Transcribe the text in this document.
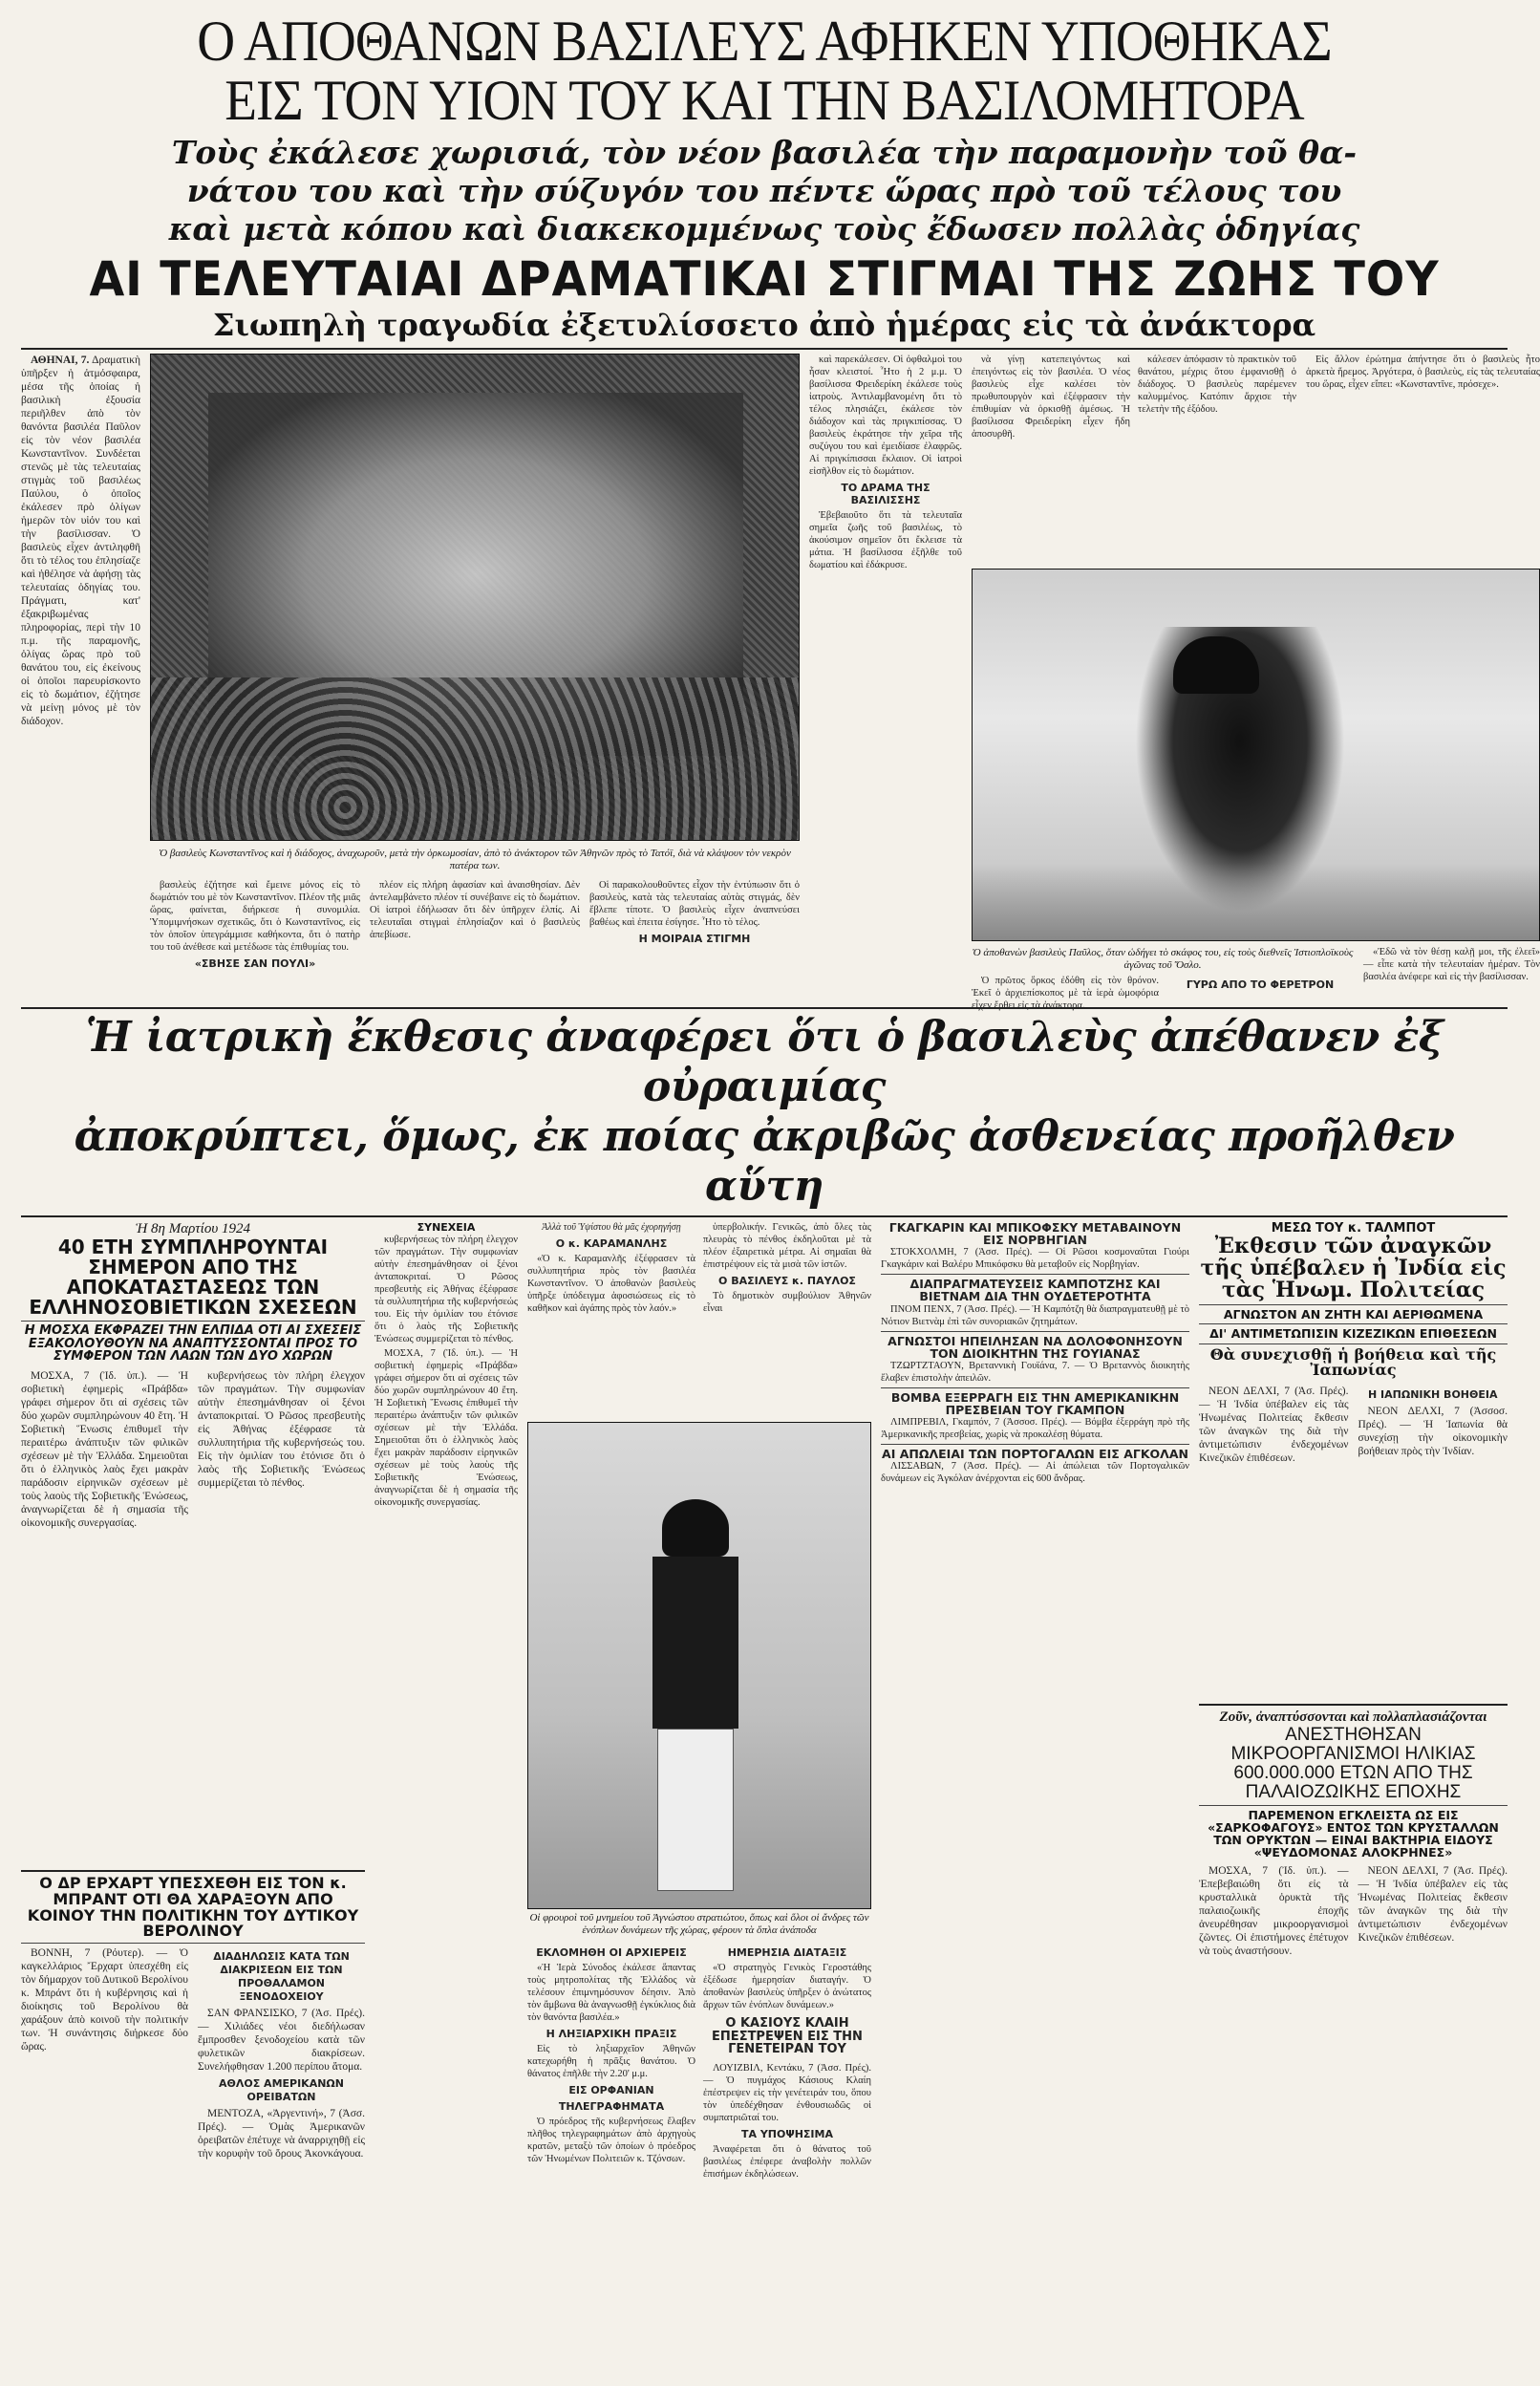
Ο ΑΠΟΘΑΝΩΝ ΒΑΣΙΛΕΥΣ ΑΦΗΚΕΝ ΥΠΟΘΗΚΑΣ
ΕΙΣ ΤΟΝ ΥΙΟΝ ΤΟΥ ΚΑΙ ΤΗΝ ΒΑΣΙΛΟΜΗΤΟΡΑ
Τοὺς ἐκάλεσε χωρισιά, τὸν νέον βασιλέα τὴν παραμονὴν τοῦ θα-
νάτου του καὶ τὴν σύζυγόν του πέντε ὥρας πρὸ τοῦ τέλους του
καὶ μετὰ κόπου καὶ διακεκομμένως τοὺς ἔδωσεν πολλὰς ὁδηγίας
ΑΙ ΤΕΛΕΥΤΑΙΑΙ ΔΡΑΜΑΤΙΚΑΙ ΣΤΙΓΜΑΙ ΤΗΣ ΖΩΗΣ ΤΟΥ
Σιωπηλὴ τραγωδία ἐξετυλίσσετο ἀπὸ ἡμέρας εἰς τὰ ἀνάκτορα

ΑΘΗΝΑΙ, 7. Δραματικὴ ὑπῆρξεν ἡ ἀτμόσφαιρα, μέσα τῆς ὁποίας ἡ βασιλικὴ ἐξουσία περιῆλθεν ἀπὸ τὸν θανόντα βασιλέα Παῦλον εἰς τὸν νέον βασιλέα Κωνσταντῖνον. Συνδέεται στενῶς μὲ τὰς τελευταίας στιγμὰς τοῦ βασιλέως Παύλου, ὁ ὁποῖος ἐκάλεσεν πρὸ ὀλίγων ἡμερῶν τὸν υἱόν του καὶ τὴν βασίλισσαν. Ὁ βασιλεὺς εἶχεν ἀντιληφθῆ ὅτι τὸ τέλος του ἐπλησίαζε καὶ ἠθέλησε νὰ ἀφήσῃ τὰς τελευταίας ὁδηγίας του. Πράγματι, κατ' ἐξακριβωμένας πληροφορίας, περὶ τὴν 10 π.μ. τῆς παραμονῆς, ὀλίγας ὥρας πρὸ τοῦ θανάτου του, εἰς ἐκείνους οἱ ὁποῖοι παρευρίσκοντο εἰς τὸ δωμάτιον, ἐζήτησε νὰ μείνῃ μόνος μὲ τὸν διάδοχον.

Ὁ βασιλεὺς Κωνσταντῖνος καὶ ἡ διάδοχος, ἀναχωροῦν, μετὰ τὴν ὁρκωμοσίαν, ἀπὸ τὸ ἀνάκτορον τῶν Ἀθηνῶν πρὸς τὸ Τατόϊ, διὰ νὰ κλάψουν τὸν νεκρὸν πατέρα των.

βασιλεὺς ἐζήτησε καὶ ἔμεινε μόνος εἰς τὸ δωμάτιόν του μὲ τὸν Κωνσταντῖνον. Πλέον τῆς μιᾶς ὥρας, φαίνεται, διήρκεσε ἡ συνομιλία. Ὑπομιμνήσκων σχετικῶς, ὅτι ὁ Κωνσταντῖνος, εἰς τὸν ὁποῖον ὑπεγράμμισε καθήκοντα, ὅτι ὁ πατὴρ του τοῦ ἀνέθεσε καὶ μετέδωσε τὰς ἐπιθυμίας του.

«ΣΒΗΣΕ ΣΑΝ ΠΟΥΛΙ»

πλέον εἰς πλήρη ἀφασίαν καὶ ἀναισθησίαν. Δὲν ἀντελαμβάνετο πλέον τί συνέβαινε εἰς τὸ δωμάτιον. Οἱ ἰατροὶ ἐδήλωσαν ὅτι δὲν ὑπῆρχεν ἐλπίς. Αἱ τελευταῖαι στιγμαὶ ἐπλησίαζον καὶ ὁ βασιλεὺς ἀπεβίωσε.

Οἱ παρακολουθοῦντες εἶχον τὴν ἐντύπωσιν ὅτι ὁ βασιλεὺς, κατὰ τὰς τελευταίας αὐτὰς στιγμάς, δὲν ἔβλεπε τίποτε. Ὁ βασιλεὺς εἶχεν ἀναπνεύσει βαθέως καὶ ἐπειτα ἐσίγησε. Ἦτο τὸ τέλος.

Η ΜΟΙΡΑΙΑ ΣΤΙΓΜΗ

καὶ παρεκάλεσεν. Οἱ ὀφθαλμοὶ του ἦσαν κλειστοί. Ἦτο ἡ 2 μ.μ. Ὁ βασίλισσα Φρειδερίκη ἐκάλεσε τοὺς ἰατροὺς. Ἀντιλαμβανομένη ὅτι τὸ τέλος πλησιάζει, ἐκάλεσε τὸν διάδοχον καὶ τὰς πριγκιπίσσας. Ὁ βασιλεὺς ἐκράτησε τὴν χεῖρα τῆς συζύγου του καὶ ἐμειδίασε ἐλαφρῶς. Αἱ πριγκίπισσαι ἔκλαιον. Οἱ ἰατροὶ εἰσῆλθον εἰς τὸ δωμάτιον.

ΤΟ ΔΡΑΜΑ ΤΗΣ ΒΑΣΙΛΙΣΣΗΣ

Ἐβεβαιοῦτο ὅτι τὰ τελευταῖα σημεῖα ζωῆς τοῦ βασιλέως, τὸ ἀκούσιμον σημεῖον ὅτι ἔκλεισε τὰ μάτια. Ἡ βασίλισσα ἐξῆλθε τοῦ δωματίου καὶ ἐδάκρυσε.

νὰ γίνῃ κατεπειγόντως καὶ ἐπειγόντως εἰς τὸν βασιλέα. Ὁ νέος βασιλεὺς εἶχε καλέσει τὸν πρωθυπουργὸν καὶ ἐξέφρασεν τὴν ἐπιθυμίαν νὰ ὁρκισθῇ ἀμέσως. Ἡ βασίλισσα Φρειδερίκη εἶχεν ἤδη ἀποσυρθῆ.

κάλεσεν ἀπόφασιν τὸ πρακτικὸν τοῦ θανάτου, μέχρις ὅτου ἐμφανισθῇ ὁ διάδοχος. Ὁ βασιλεὺς παρέμενεν καλυμμένος. Κατόπιν ἄρχισε τὴν τελετὴν τῆς ἐξόδου.

Εἰς ἄλλον ἐρώτημα ἀπήντησε ὅτι ὁ βασιλεὺς ἦτο ἀρκετὰ ἥρεμος. Ἀργότερα, ὁ βασιλεὺς, εἰς τὰς τελευταίας του ὥρας, εἶχεν εἴπει: «Κωνσταντῖνε, πρόσεχε».

Ὁ ἀποθανὼν βασιλεὺς Παῦλος, ὅταν ὡδήγει τὸ σκάφος του, εἰς τοὺς διεθνεῖς Ἰστιοπλοϊκοὺς ἀγῶνας τοῦ Ὄσλο.

Ὁ πρῶτος ὅρκος ἐδόθη εἰς τὸν θρόνον. Ἐκεῖ ὁ ἀρχιεπίσκοπος μὲ τὰ ἱερὰ ὡμοφόρια εἶχεν ἔρθει εἰς τὰ ἀνάκτορα.

ΓΥΡΩ ΑΠΟ ΤΟ ΦΕΡΕΤΡΟΝ

«Ἐδῶ νὰ τὸν θέσῃ καλῇ μοι, τῆς ἐλεεῖ» — εἶπε κατὰ τὴν τελευταίαν ἡμέραν. Τὸν βασιλέα ἀνέφερε καὶ εἰς τὴν βασίλισσαν.

Ἡ ἰατρικὴ ἔκθεσις ἀναφέρει ὅτι ὁ βασιλεὺς ἀπέθανεν ἐξ οὐραιμίας
ἀποκρύπτει, ὅμως, ἐκ ποίας ἀκριβῶς ἀσθενείας προῆλθεν αὕτη
Ἡ 8η Μαρτίου 1924
40 ΕΤΗ ΣΥΜΠΛΗΡΟΥΝΤΑΙ ΣΗΜΕΡΟΝ ΑΠΟ ΤΗΣ ΑΠΟΚΑΤΑΣΤΑΣΕΩΣ ΤΩΝ ΕΛΛΗΝΟΣΟΒΙΕΤΙΚΩΝ ΣΧΕΣΕΩΝ
Η ΜΟΣΧΑ ΕΚΦΡΑΖΕΙ ΤΗΝ ΕΛΠΙΔΑ ΟΤΙ ΑΙ ΣΧΕΣΕΙΣ ΕΞΑΚΟΛΟΥΘΟΥΝ ΝΑ ΑΝΑΠΤΥΣΣΟΝΤΑΙ ΠΡΟΣ ΤΟ ΣΥΜΦΕΡΟΝ ΤΩΝ ΛΑΩΝ ΤΩΝ ΔΥΟ ΧΩΡΩΝ

ΜΟΣΧΑ, 7 (Ἰδ. ὑπ.). — Ἡ σοβιετικὴ ἐφημερὶς «Πράβδα» γράφει σήμερον ὅτι αἱ σχέσεις τῶν δύο χωρῶν συμπληρώνουν 40 ἔτη. Ἡ Σοβιετικὴ Ἕνωσις ἐπιθυμεῖ τὴν περαιτέρω ἀνάπτυξιν τῶν φιλικῶν σχέσεων μὲ τὴν Ἑλλάδα. Σημειοῦται ὅτι ὁ ἑλληνικὸς λαὸς ἔχει μακρὰν παράδοσιν εἰρηνικῶν σχέσεων μὲ τοὺς λαοὺς τῆς Σοβιετικῆς Ἑνώσεως, ἀναγνωρίζεται δὲ ἡ σημασία τῆς οἰκονομικῆς συνεργασίας.

κυβερνήσεως τὸν πλήρη ἐλεγχον τῶν πραγμάτων. Τὴν συμφωνίαν αὐτὴν ἐπεσημάνθησαν οἱ ξένοι ἀνταποκριταί. Ὁ Ρῶσος πρεσβευτὴς εἰς Ἀθήνας ἐξέφρασε τὰ συλλυπητήρια τῆς κυβερνήσεώς του. Εἰς τὴν ὁμιλίαν του ἐτόνισε ὅτι ὁ λαὸς τῆς Σοβιετικῆς Ἑνώσεως συμμερίζεται τὸ πένθος.

Ο ΔΡ ΕΡΧΑΡΤ ΥΠΕΣΧΕΘΗ ΕΙΣ ΤΟΝ κ. ΜΠΡΑΝΤ ΟΤΙ ΘΑ ΧΑΡΑΞΟΥΝ ΑΠΟ ΚΟΙΝΟΥ ΤΗΝ ΠΟΛΙΤΙΚΗΝ ΤΟΥ ΔΥΤΙΚΟΥ ΒΕΡΟΛΙΝΟΥ

ΒΟΝΝΗ, 7 (Ρόυτερ). — Ὁ καγκελλάριος Ἔρχαρτ ὑπεσχέθη εἰς τὸν δήμαρχον τοῦ Δυτικοῦ Βερολίνου κ. Μπράντ ὅτι ἡ κυβέρνησις καὶ ἡ διοίκησις τοῦ Βερολίνου θὰ χαράξουν ἀπὸ κοινοῦ τὴν πολιτικήν των. Ἡ συνάντησις διήρκεσε δύο ὥρας.

ΔΙΑΔΗΛΩΣΙΣ ΚΑΤΑ ΤΩΝ ΔΙΑΚΡΙΣΕΩΝ ΕΙΣ ΤΩΝ ΠΡΟΘΑΛΑΜΟΝ ΞΕΝΟΔΟΧΕΙΟΥ

ΣΑΝ ΦΡΑΝΣΙΣΚΟ, 7 (Ἀσ. Πρές). — Χιλιάδες νέοι διεδήλωσαν ἔμπροσθεν ξενοδοχείου κατὰ τῶν φυλετικῶν διακρίσεων. Συνελήφθησαν 1.200 περίπου ἄτομα.

ΑΘΛΟΣ ΑΜΕΡΙΚΑΝΩΝ ΟΡΕΙΒΑΤΩΝ

ΜΕΝΤΟΖΑ, «Ἀργεντινή», 7 (Ἀσσ. Πρές). — Ὁμὰς Ἀμερικανῶν ὀρειβατῶν ἐπέτυχε νὰ ἀναρριχηθῇ εἰς τὴν κορυφὴν τοῦ ὄρους Ἀκονκάγουα.

ΣΥΝΕΧΕΙΑ

κυβερνήσεως τὸν πλήρη ἐλεγχον τῶν πραγμάτων. Τὴν συμφωνίαν αὐτὴν ἐπεσημάνθησαν οἱ ξένοι ἀνταποκριταί. Ὁ Ρῶσος πρεσβευτὴς εἰς Ἀθήνας ἐξέφρασε τὰ συλλυπητήρια τῆς κυβερνήσεώς του. Εἰς τὴν ὁμιλίαν του ἐτόνισε ὅτι ὁ λαὸς τῆς Σοβιετικῆς Ἑνώσεως συμμερίζεται τὸ πένθος.

ΜΟΣΧΑ, 7 (Ἰδ. ὑπ.). — Ἡ σοβιετικὴ ἐφημερὶς «Πράβδα» γράφει σήμερον ὅτι αἱ σχέσεις τῶν δύο χωρῶν συμπληρώνουν 40 ἔτη. Ἡ Σοβιετικὴ Ἕνωσις ἐπιθυμεῖ τὴν περαιτέρω ἀνάπτυξιν τῶν φιλικῶν σχέσεων μὲ τὴν Ἑλλάδα. Σημειοῦται ὅτι ὁ ἑλληνικὸς λαὸς ἔχει μακρὰν παράδοσιν εἰρηνικῶν σχέσεων μὲ τοὺς λαοὺς τῆς Σοβιετικῆς Ἑνώσεως, ἀναγνωρίζεται δὲ ἡ σημασία τῆς οἰκονομικῆς συνεργασίας.

Ἀλλὰ τοῦ Ὑψίστου θὰ μᾶς ἐχορηγήσῃ
Ο κ. ΚΑΡΑΜΑΝΛΗΣ

«Ὁ κ. Καραμανλῆς ἐξέφρασεν τὰ συλλυπητήρια πρὸς τὸν βασιλέα Κωνσταντῖνον. Ὁ ἀποθανὼν βασιλεὺς ὑπῆρξε ὑπόδειγμα ἀφοσιώσεως εἰς τὸ καθῆκον καὶ ἀγάπης πρὸς τὸν λαόν.»

ὑπερβολικήν. Γενικῶς, ἀπὸ ὅλες τὰς πλευρὰς τὸ πένθος ἐκδηλοῦται μὲ τὰ πλέον ἐξαιρετικὰ μέτρα. Αἱ σημαῖαι θὰ ἐπιστρέψουν εἰς τὰ μισὰ τῶν ἱστῶν.

Ο ΒΑΣΙΛΕΥΣ κ. ΠΑΥΛΟΣ

Τὸ δημοτικὸν συμβούλιον Ἀθηνῶν εἶναι

Οἱ φρουροὶ τοῦ μνημείου τοῦ Ἀγνώστου στρατιώτου, ὅπως καὶ ὅλοι οἱ ἄνδρες τῶν ἐνόπλων δυνάμεων τῆς χώρας, φέρουν τὰ ὅπλα ἀνάποδα
ΕΚΛΟΜΗΘΗ ΟΙ ΑΡΧΙΕΡΕΙΣ

«Ἡ Ἱερὰ Σύνοδος ἐκάλεσε ἅπαντας τοὺς μητροπολίτας τῆς Ἑλλάδος νὰ τελέσουν ἐπιμνημόσυνον δέησιν. Ἀπὸ τὸν ἄμβωνα θὰ ἀναγνωσθῇ ἐγκύκλιος διὰ τὸν θανόντα βασιλέα.»

Η ΛΗΞΙΑΡΧΙΚΗ ΠΡΑΞΙΣ

Εἰς τὸ ληξιαρχεῖον Ἀθηνῶν κατεχωρήθη ἡ πρᾶξις θανάτου. Ὁ θάνατος ἐπῆλθε τὴν 2.20' μ.μ.

ΕΙΣ ΟΡΦΑΝΙΑΝ
ΤΗΛΕΓΡΑΦΗΜΑΤΑ

Ὁ πρόεδρος τῆς κυβερνήσεως ἔλαβεν πλῆθος τηλεγραφημάτων ἀπὸ ἀρχηγοὺς κρατῶν, μεταξὺ τῶν ὁποίων ὁ πρόεδρος τῶν Ἡνωμένων Πολιτειῶν κ. Τζόνσων.

ΗΜΕΡΗΣΙΑ ΔΙΑΤΑΞΙΣ

«Ὁ στρατηγὸς Γενικὸς Γεροστάθης ἐξέδωσε ἡμερησίαν διαταγήν. Ὁ ἀποθανὼν βασιλεὺς ὑπῆρξεν ὁ ἀνώτατος ἄρχων τῶν ἐνόπλων δυνάμεων.»

Ο ΚΑΣΙΟΥΣ ΚΛΑΙΗ ΕΠΕΣΤΡΕΨΕΝ ΕΙΣ ΤΗΝ ΓΕΝΕΤΕΙΡΑΝ ΤΟΥ

ΛΟΥΙΖΒΙΛ, Κεντάκυ, 7 (Ἀσσ. Πρές). — Ὁ πυγμάχος Κάσιους Κλαίη ἐπέστρεψεν εἰς τὴν γενέτειράν του, ὅπου τὸν ὑπεδέχθησαν ἐνθουσιωδῶς οἱ συμπατριῶταί του.

ΤΑ ΥΠΟΨΗΣΙΜΑ

Ἀναφέρεται ὅτι ὁ θάνατος τοῦ βασιλέως ἐπέφερε ἀναβολὴν πολλῶν ἐπισήμων ἐκδηλώσεων.

ΓΚΑΓΚΑΡΙΝ ΚΑΙ ΜΠΙΚΟΦΣΚΥ ΜΕΤΑΒΑΙΝΟΥΝ ΕΙΣ ΝΟΡΒΗΓΙΑΝ

ΣΤΟΚΧΟΛΜΗ, 7 (Ἀσσ. Πρές). — Οἱ Ρῶσοι κοσμοναῦται Γιούρι Γκαγκάριν καὶ Βαλέρυ Μπικόφσκυ θὰ μεταβοῦν εἰς Νορβηγίαν.

ΔΙΑΠΡΑΓΜΑΤΕΥΣΕΙΣ ΚΑΜΠΟΤΖΗΣ ΚΑΙ ΒΙΕΤΝΑΜ ΔΙΑ ΤΗΝ ΟΥΔΕΤΕΡΟΤΗΤΑ

ΠΝΟΜ ΠΕΝΧ, 7 (Ἀσσ. Πρές). — Ἡ Καμπότζη θὰ διαπραγματευθῇ μὲ τὸ Νότιον Βιετνὰμ ἐπὶ τῶν συνοριακῶν ζητημάτων.

ΑΓΝΩΣΤΟΙ ΗΠΕΙΛΗΣΑΝ ΝΑ ΔΟΛΟΦΟΝΗΣΟΥΝ ΤΟΝ ΔΙΟΙΚΗΤΗΝ ΤΗΣ ΓΟΥΙΑΝΑΣ

ΤΖΩΡΤΖΤΑΟΥΝ, Βρεταννικὴ Γουϊάνα, 7. — Ὁ Βρεταννὸς διοικητὴς ἔλαβεν ἐπιστολὴν ἀπειλῶν.

ΒΟΜΒΑ ΕΞΕΡΡΑΓΗ ΕΙΣ ΤΗΝ ΑΜΕΡΙΚΑΝΙΚΗΝ ΠΡΕΣΒΕΙΑΝ ΤΟΥ ΓΚΑΜΠΟΝ

ΛΙΜΠΡΕΒΙΛ, Γκαμπόν, 7 (Ἀσσοσ. Πρές). — Βόμβα ἐξερράγη πρὸ τῆς Ἀμερικανικῆς πρεσβείας, χωρὶς νὰ προκαλέσῃ θύματα.

ΑΙ ΑΠΩΛΕΙΑΙ ΤΩΝ ΠΟΡΤΟΓΑΛΩΝ ΕΙΣ ΑΓΚΟΛΑΝ

ΛΙΣΣΑΒΩΝ, 7 (Ἀσσ. Πρές). — Αἱ ἀπώλειαι τῶν Πορτογαλικῶν δυνάμεων εἰς Ἀγκόλαν ἀνέρχονται εἰς 600 ἄνδρας.

ΜΕΣΩ ΤΟΥ κ. ΤΑΛΜΠΟΤ
Ἐκθεσιν τῶν ἀναγκῶν τῆς ὑπέβαλεν ἡ Ἰνδία εἰς τὰς Ἡνωμ. Πολιτείας
ΑΓΝΩΣΤΟΝ ΑΝ ΖΗΤΗ ΚΑΙ ΑΕΡΙΘΩΜΕΝΑ
ΔΙ' ΑΝΤΙΜΕΤΩΠΙΣΙΝ ΚΙΖΕΖΙΚΩΝ ΕΠΙΘΕΣΕΩΝ
Θὰ συνεχισθῇ ἡ βοήθεια καὶ τῆς Ἰαπωνίας

ΝΕΟΝ ΔΕΛΧΙ, 7 (Ἀσ. Πρές). — Ἡ Ἰνδία ὑπέβαλεν εἰς τὰς Ἡνωμένας Πολιτείας ἔκθεσιν τῶν ἀναγκῶν της διὰ τὴν ἀντιμετώπισιν ἐνδεχομένων Κινεζικῶν ἐπιθέσεων.

Η ΙΑΠΩΝΙΚΗ ΒΟΗΘΕΙΑ

ΝΕΟΝ ΔΕΛΧΙ, 7 (Ἀσσοσ. Πρές). — Ἡ Ἰαπωνία θὰ συνεχίσῃ τὴν οἰκονομικὴν βοήθειαν πρὸς τὴν Ἰνδίαν.

Ζοῦν, ἀναπτύσσονται καὶ πολλαπλασιάζονται
ΑΝΕΣΤΗΘΗΣΑΝ ΜΙΚΡΟΟΡΓΑΝΙΣΜΟΙ ΗΛΙΚΙΑΣ 600.000.000 ΕΤΩΝ ΑΠΟ ΤΗΣ ΠΑΛΑΙΟΖΩΙΚΗΣ ΕΠΟΧΗΣ
ΠΑΡΕΜΕΝΟΝ ΕΓΚΛΕΙΣΤΑ ΩΣ ΕΙΣ «ΣΑΡΚΟΦΑΓΟΥΣ» ΕΝΤΟΣ ΤΩΝ ΚΡΥΣΤΑΛΛΩΝ ΤΩΝ ΟΡΥΚΤΩΝ — ΕΙΝΑΙ ΒΑΚΤΗΡΙΑ ΕΙΔΟΥΣ «ΨΕΥΔΟΜΟΝΑΣ ΑΛΟΚΡΗΝΕΣ»

ΜΟΣΧΑ, 7 (Ἰδ. ὑπ.). — Ἐπεβεβαιώθη ὅτι εἰς τὰ κρυσταλλικὰ ὀρυκτὰ τῆς παλαιοζωικῆς ἐποχῆς ἀνευρέθησαν μικροοργανισμοὶ ζῶντες. Οἱ ἐπιστήμονες ἐπέτυχον νὰ τοὺς ἀναστήσουν.

ΝΕΟΝ ΔΕΛΧΙ, 7 (Ἀσ. Πρές). — Ἡ Ἰνδία ὑπέβαλεν εἰς τὰς Ἡνωμένας Πολιτείας ἔκθεσιν τῶν ἀναγκῶν της διὰ τὴν ἀντιμετώπισιν ἐνδεχομένων Κινεζικῶν ἐπιθέσεων.
